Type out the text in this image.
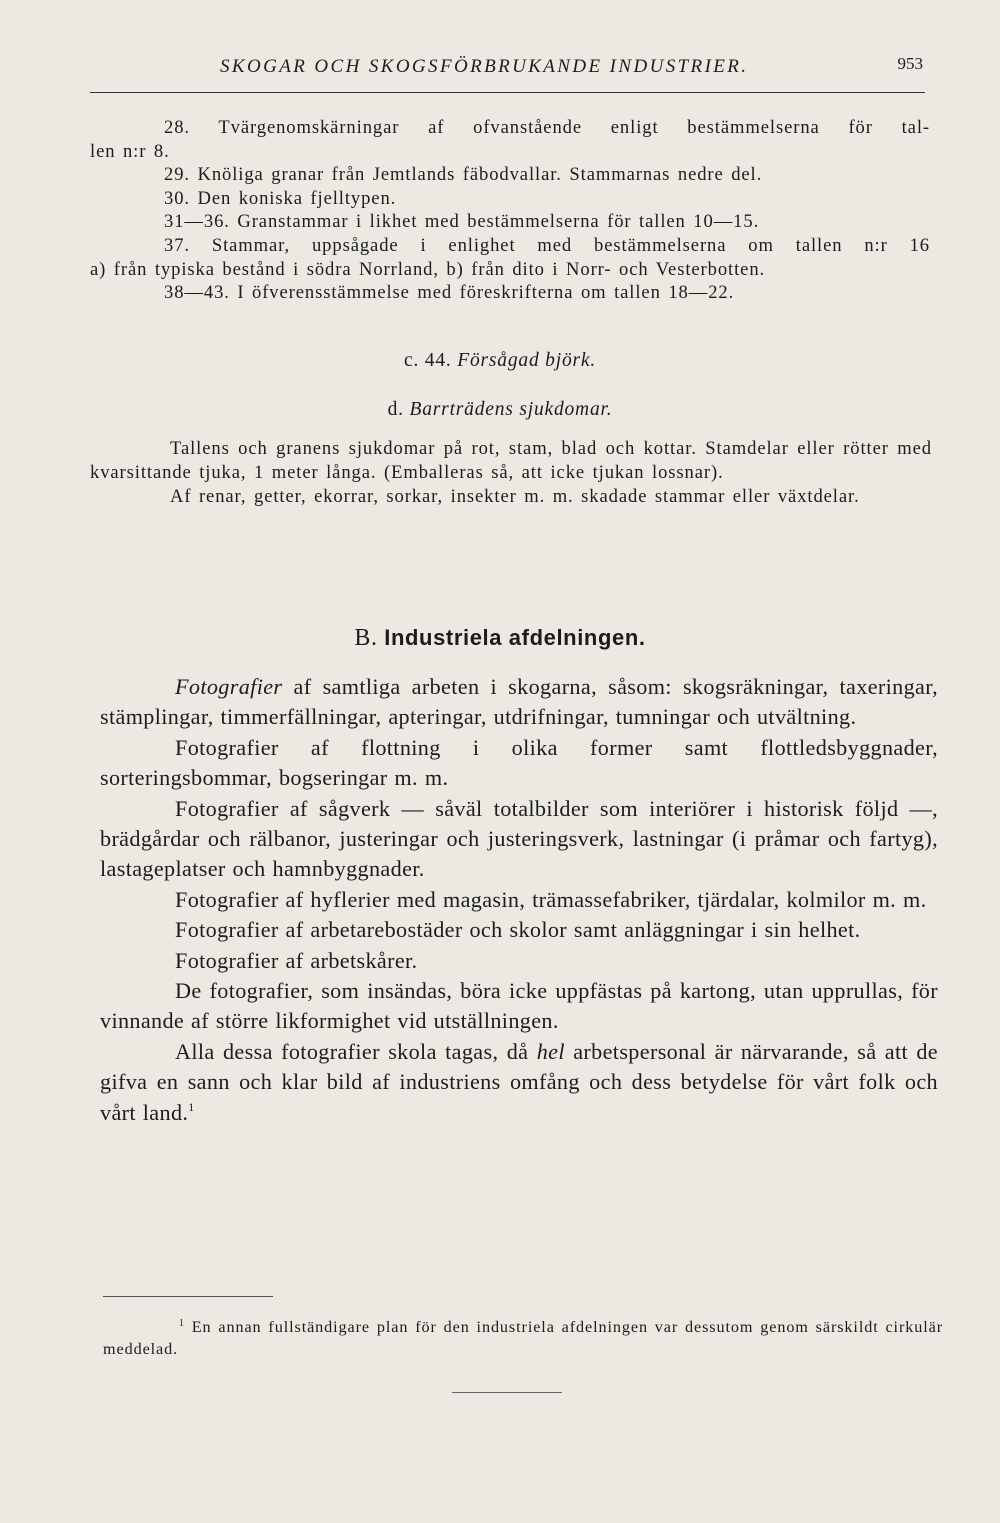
SKOGAR OCH SKOGSFÖRBRUKANDE INDUSTRIER.	953

28. Tvärgenomskärningar af ofvanstående enligt bestämmelserna för tal-

len n:r 8.

29. Knöliga granar från Jemtlands fäbodvallar. Stammarnas nedre del.

30. Den koniska fjelltypen.

31—36. Granstammar i likhet med bestämmelserna för tallen 10—15.

37. Stammar, uppsågade i enlighet med bestämmelserna om tallen n:r 16

a) från typiska bestånd i södra Norrland, b) från dito i Norr- och Vesterbotten.

38—43. I öfverensstämmelse med föreskrifterna om tallen 18—22.

c. 44. Försågad björk.
d. Barrträdens sjukdomar.

Tallens och granens sjukdomar på rot, stam, blad och kottar. Stamdelar eller rötter med kvarsittande tjuka, 1 meter långa. (Emballeras så, att icke tjukan lossnar).

Af renar, getter, ekorrar, sorkar, insekter m. m. skadade stammar eller växtdelar.

B. Industriela afdelningen.

Fotografier af samtliga arbeten i skogarna, såsom: skogsräkningar, taxeringar, stämplingar, timmerfällningar, apteringar, utdrifningar, tumningar och utvältning.

Fotografier af flottning i olika former samt flottledsbyggnader, sorteringsbommar, bogseringar m. m.

Fotografier af sågverk — såväl totalbilder som interiörer i historisk följd —, brädgårdar och rälbanor, justeringar och justeringsverk, lastningar (i pråmar och fartyg), lastageplatser och hamnbyggnader.

Fotografier af hyflerier med magasin, trämassefabriker, tjärdalar, kolmilor m. m.

Fotografier af arbetarebostäder och skolor samt anläggningar i sin helhet.

Fotografier af arbetskårer.

De fotografier, som insändas, böra icke uppfästas på kartong, utan upprullas, för vinnande af större likformighet vid utställningen.

Alla dessa fotografier skola tagas, då hel arbetspersonal är närvarande, så att de gifva en sann och klar bild af industriens omfång och dess betydelse för vårt folk och vårt land.$^1$

$^1$ En annan fullständigare plan för den industriela afdelningen var dessutom genom särskildt cirkulär meddelad.
